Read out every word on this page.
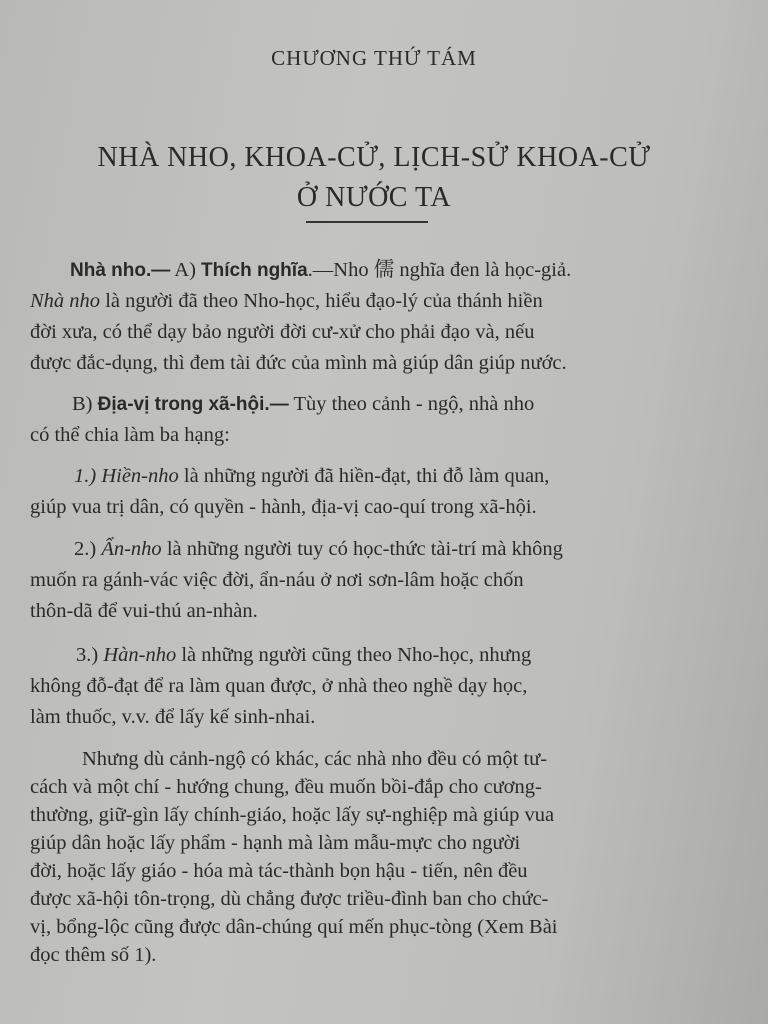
CHƯƠNG THỨ TÁM
NHÀ NHO, KHOA-CỬ, LỊCH-SỬ KHOA-CỬ
Ở NƯỚC TA
Nhà nho.— A) Thích nghĩa.—Nho 儒 nghĩa đen là học-giả.
Nhà nho là người đã theo Nho-học, hiểu đạo-lý của thánh hiền
đời xưa, có thể dạy bảo người đời cư-xử cho phải đạo và, nếu
được đắc-dụng, thì đem tài đức của mình mà giúp dân giúp nước.
B) Địa-vị trong xã-hội.— Tùy theo cảnh - ngộ, nhà nho
có thể chia làm ba hạng:
1.) Hiền-nho là những người đã hiền-đạt, thi đỗ làm quan,
giúp vua trị dân, có quyền - hành, địa-vị cao-quí trong xã-hội.
2.) Ẩn-nho là những người tuy có học-thức tài-trí mà không
muốn ra gánh-vác việc đời, ẩn-náu ở nơi sơn-lâm hoặc chốn
thôn-dã để vui-thú an-nhàn.
3.) Hàn-nho là những người cũng theo Nho-học, nhưng
không đỗ-đạt để ra làm quan được, ở nhà theo nghề dạy học,
làm thuốc, v.v. để lấy kế sinh-nhai.
Nhưng dù cảnh-ngộ có khác, các nhà nho đều có một tư-
cách và một chí - hướng chung, đều muốn bồi-đắp cho cương-
thường, giữ-gìn lấy chính-giáo, hoặc lấy sự-nghiệp mà giúp vua
giúp dân hoặc lấy phẩm - hạnh mà làm mẫu-mực cho người
đời, hoặc lấy giáo - hóa mà tác-thành bọn hậu - tiến, nên đều
được xã-hội tôn-trọng, dù chẳng được triều-đình ban cho chức-
vị, bổng-lộc cũng được dân-chúng quí mến phục-tòng (Xem Bài
đọc thêm số 1).
